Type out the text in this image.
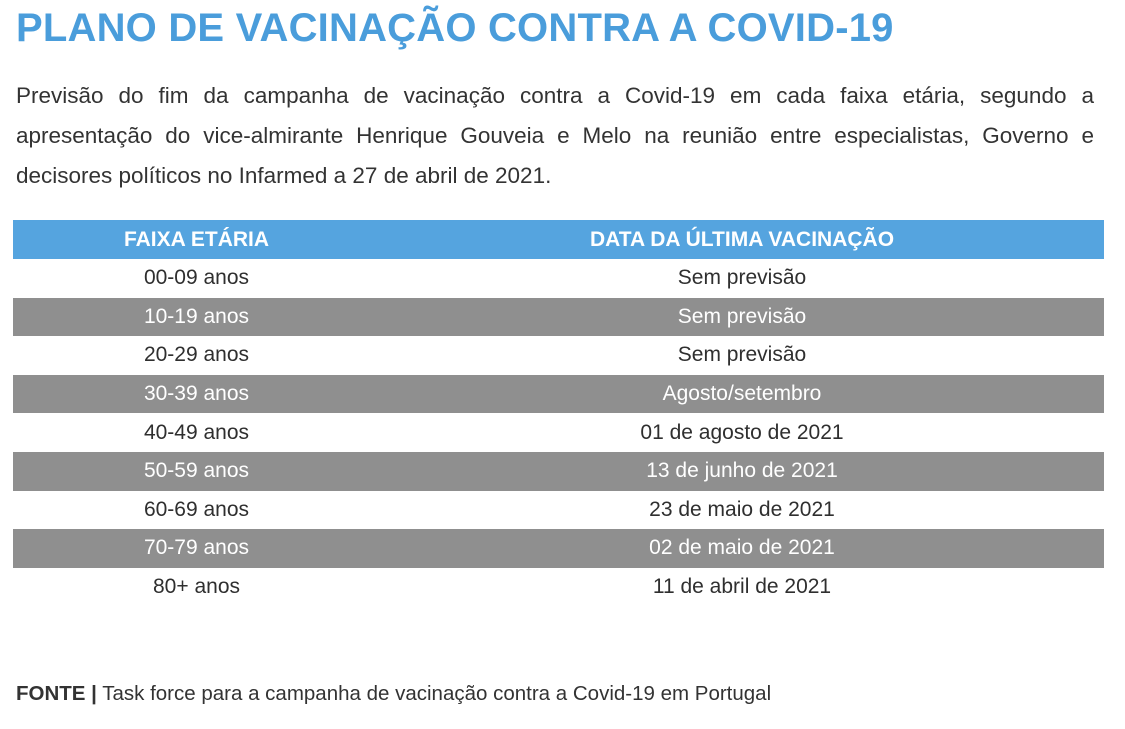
PLANO DE VACINAÇÃO CONTRA A COVID-19

Previsão do fim da campanha de vacinação contra a Covid-19 em cada faixa etária, segundo a apresentação do vice-almirante Henrique Gouveia e Melo na reunião entre especialistas, Governo e decisores políticos no Infarmed a 27 de abril de 2021.

FAIXA ETÁRIA	DATA DA ÚLTIMA VACINAÇÃO
00-09 anos	Sem previsão
10-19 anos	Sem previsão
20-29 anos	Sem previsão
30-39 anos	Agosto/setembro
40-49 anos	01 de agosto de 2021
50-59 anos	13 de junho de 2021
60-69 anos	23 de maio de 2021
70-79 anos	02 de maio de 2021
80+ anos	11 de abril de 2021

FONTE | Task force para a campanha de vacinação contra a Covid-19 em Portugal
